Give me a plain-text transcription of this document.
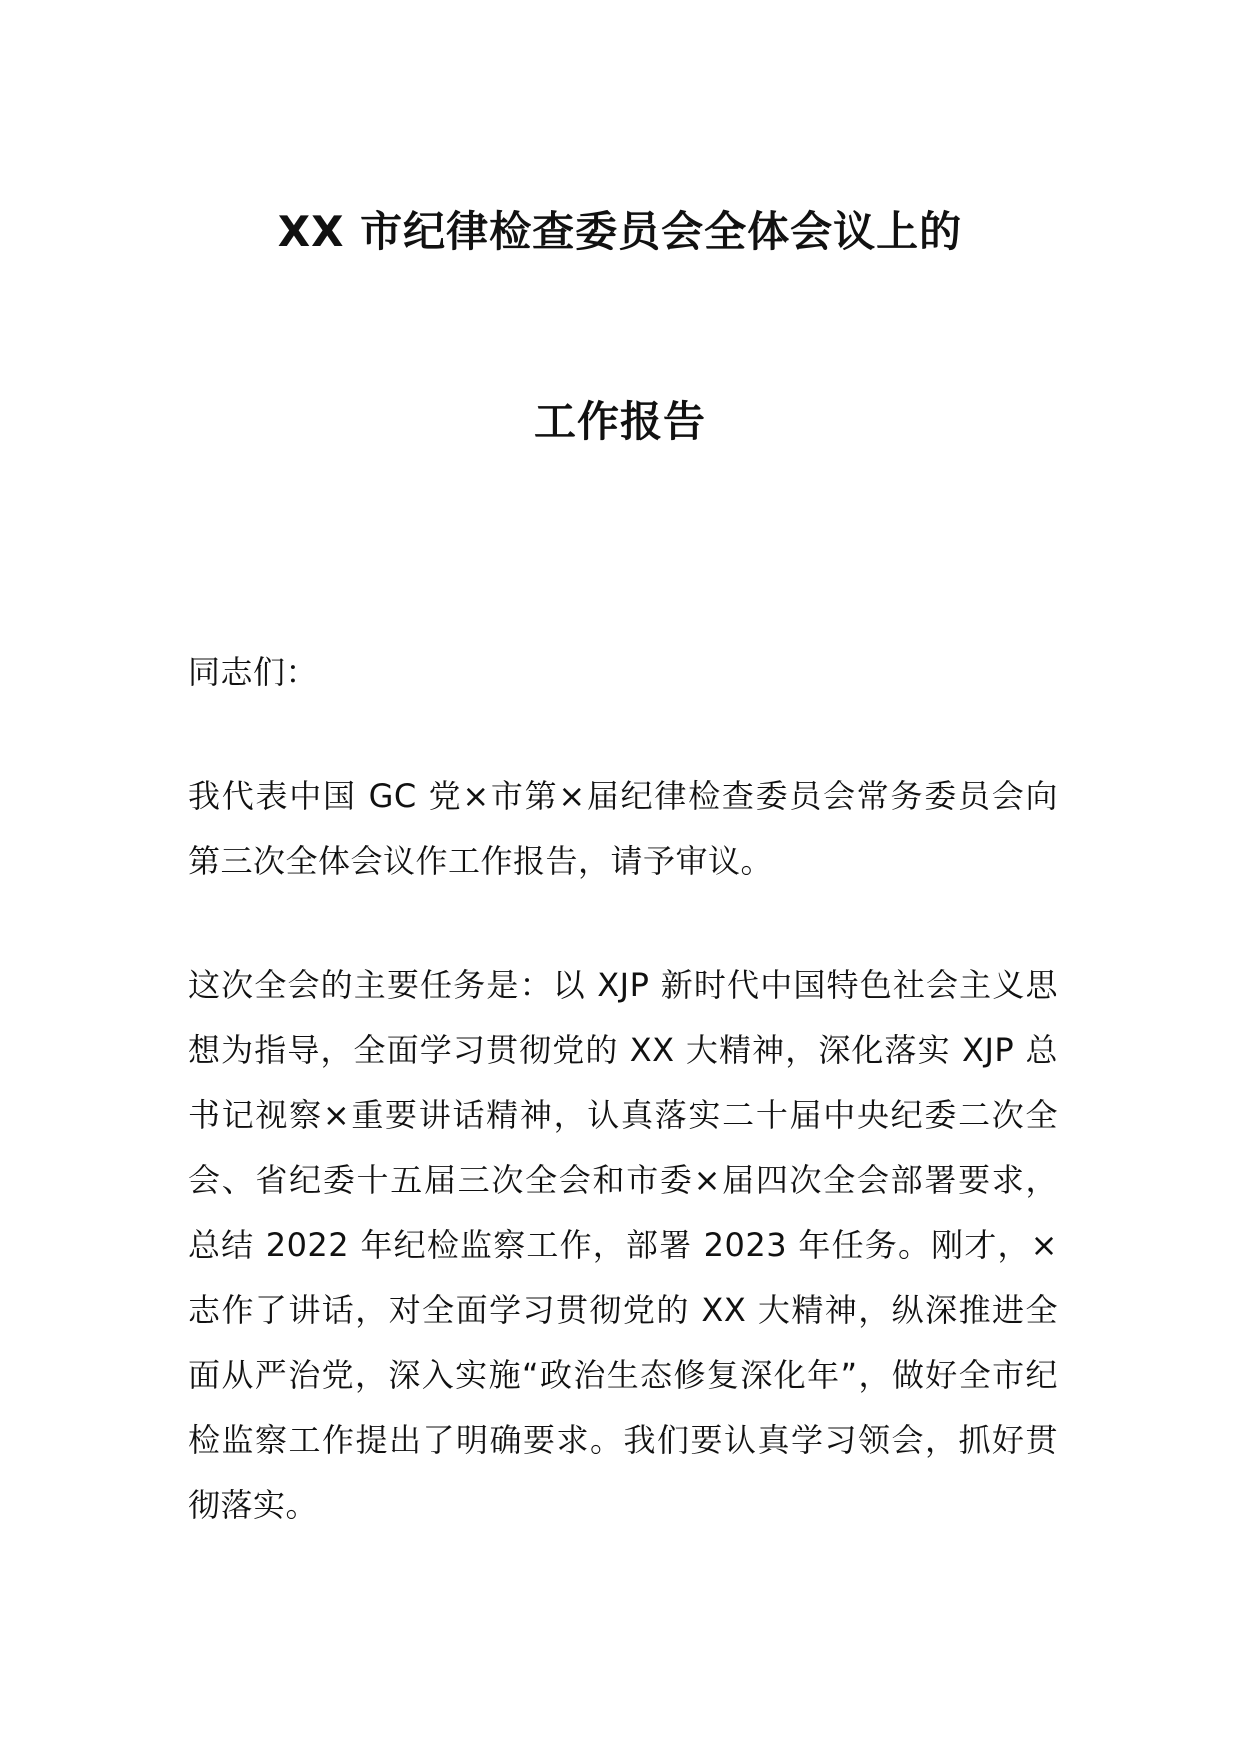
XX 市纪律检查委员会全体会议上的
工作报告
同志们：
我代表中国 GC 党×市第×届纪律检查委员会常务委员会向第三次全体会议作工作报告，请予审议。
这次全会的主要任务是：以 XJP 新时代中国特色社会主义思想为指导，全面学习贯彻党的 XX 大精神，深化落实 XJP 总书记视察×重要讲话精神，认真落实二十届中央纪委二次全会、省纪委十五届三次全会和市委×届四次全会部署要求，总结 2022 年纪检监察工作，部署 2023 年任务。刚才，×志作了讲话，对全面学习贯彻党的 XX 大精神，纵深推进全面从严治党，深入实施“政治生态修复深化年”，做好全市纪检监察工作提出了明确要求。我们要认真学习领会，抓好贯彻落实。
